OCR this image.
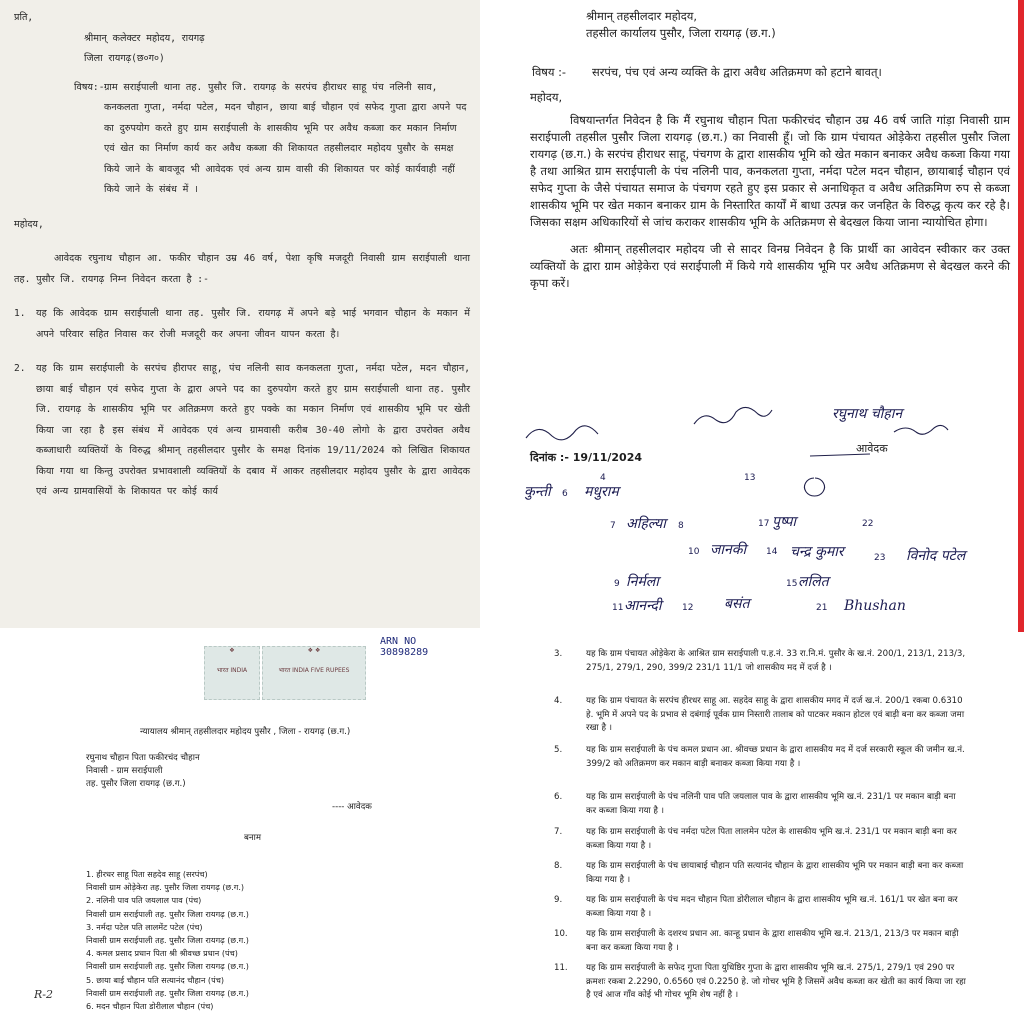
प्रति,
श्रीमान् कलेक्टर महोदय, रायगढ़
जिला रायगढ़(छ०ग०)
विषय:- ग्राम सराईपाली थाना तह. पुसौर जि. रायगढ़ के सरपंच हीराधर साहू पंच नलिनी साव, कनकलता गुप्ता, नर्मदा पटेल, मदन चौहान, छाया बाई चौहान एवं सफेद गुप्ता द्वारा अपने पद का दुरुपयोग करते हुए ग्राम सराईपाली के शासकीय भूमि पर अवैध कब्जा कर मकान निर्माण एवं खेत का निर्माण कार्य कर अवैध कब्जा की शिकायत तहसीलदार महोदय पुसौर के समक्ष किये जाने के बावजूद भी आवेदक एवं अन्य ग्राम वासी की शिकायत पर कोई कार्यवाही नहीं किये जाने के संबंध में ।
महोदय,
आवेदक रघुनाथ चौहान आ. फकीर चौहान उम्र 46 वर्ष, पेशा कृषि मजदूरी निवासी ग्राम सराईपाली थाना तह. पुसौर जि. रायगढ़ निम्न निवेदन करता है :-
1. यह कि आवेदक ग्राम सराईपाली थाना तह. पुसौर जि. रायगढ़ में अपने बड़े भाई भगवान चौहान के मकान में अपने परिवार सहित निवास कर रोजी मजदूरी कर अपना जीवन यापन करता है।
2. यह कि ग्राम सराईपाली के सरपंच हीरापर साहू, पंच नलिनी साव कनकलता गुप्ता, नर्मदा पटेल, मदन चौहान, छाया बाई चौहान एवं सफेद गुप्ता के द्वारा अपने पद का दुरुपयोग करते हुए ग्राम सराईपाली थाना तह. पुसौर जि. रायगढ़ के शासकीय भूमि पर अतिक्रमण करते हुए पक्के का मकान निर्माण एवं शासकीय भूमि पर खेती किया जा रहा है इस संबंध में आवेदक एवं अन्य ग्रामवासी करीब 30-40 लोगो के द्वारा उपरोक्त अवैध कब्जाधारी व्यक्तियों के विरुद्ध श्रीमान् तहसीलदार पुसौर के समक्ष दिनांक 19/11/2024 को लिखित शिकायत किया गया था किन्तु उपरोक्त प्रभावशाली व्यक्तियों के दबाव में आकर तहसीलदार महोदय पुसौर के द्वारा आवेदक एवं अन्य ग्रामवासियों के शिकायत पर कोई कार्य
श्रीमान् तहसीलदार महोदय,
तहसील कार्यालय पुसौर, जिला रायगढ़ (छ.ग.)
विषय :- सरपंच, पंच एवं अन्य व्यक्ति के द्वारा अवैध अतिक्रमण को हटाने बावत्।
महोदय,
विषयान्तर्गत निवेदन है कि मैं रघुनाथ चौहान पिता फकीरचंद चौहान उम्र 46 वर्ष जाति गांड़ा निवासी ग्राम सराईपाली तहसील पुसौर जिला रायगढ़ (छ.ग.) का निवासी हूँ। जो कि ग्राम पंचायत ओड़ेकेरा तहसील पुसौर जिला रायगढ़ (छ.ग.) के सरपंच हीराधर साहू, पंचगण के द्वारा शासकीय भूमि को खेत मकान बनाकर अवैध कब्जा किया गया है तथा आश्रित ग्राम सराईपाली के पंच नलिनी पाव, कनकलता गुप्ता, नर्मदा पटेल मदन चौहान, छायाबाई चौहान एवं सफेद गुप्ता के जैसे पंचायत समाज के पंचगण रहते हुए इस प्रकार से अनाधिकृत व अवैध अतिक्रमिण रुप से कब्जा शासकीय भूमि पर खेत मकान बनाकर ग्राम के निस्तारित कार्यों में बाधा उत्पन्न कर जनहित के विरुद्ध कृत्य कर रहे है। जिसका सक्षम अधिकारियों से जांच कराकर शासकीय भूमि के अतिक्रमण से बेदखल किया जाना न्यायोचित होगा।
अतः श्रीमान् तहसीलदार महोदय जी से सादर विनम्र निवेदन है कि प्रार्थी का आवेदन स्वीकार कर उक्त व्यक्तियों के द्वारा ग्राम ओड़ेकेरा एवं सराईपाली में किये गये शासकीय भूमि पर अवैध अतिक्रमण से बेदखल करने की कृपा करें।
रघुनाथ चौहान
मधुराम
कुन्ती
अहिल्या	पुष्पा
जानकी
निर्मला
बसंत
चन्द्र कुमार	विनोद पटेल
आनन्दी
ललित
Bhushan
4
6
7	8
9
10
11	12
13
14
15
17
21
22
23
दिनांक :- 19/11/2024
आवेदक
ARN NO
30898289
❖
भारत INDIA
❖ ❖
भारत INDIA FIVE RUPEES
न्यायालय श्रीमान् तहसीलदार महोदय पुसौर , जिला - रायगढ़ (छ.ग.)
रघुनाथ चौहान पिता फकीरचंद चौहान
निवासी - ग्राम सराईपाली
तह. पुसौर जिला रायगढ़ (छ.ग.)
---- आवेदक
बनाम
1. हीरधर साहू पिता सहदेव साहू (सरपंच)
निवासी ग्राम ओड़ेकेरा तह. पुसौर जिला रायगढ़ (छ.ग.)
2. नलिनी पाव पति जयलाल पाव (पंच)
निवासी ग्राम सराईपाली तह. पुसौर जिला रायगढ़ (छ.ग.)
3. नर्मदा पटेल पति लालमेंट पटेल (पंच)
निवासी ग्राम सराईपाली तह. पुसौर जिला रायगढ़ (छ.ग.)
4. कमल प्रसाद प्रधान पिता श्री श्रीवच्छ प्रधान (पंच)
निवासी ग्राम सराईपाली तह. पुसौर जिला रायगढ़ (छ.ग.)
5. छाया बाई चौहान पति सत्यानंद चौहान (पंच)
निवासी ग्राम सराईपाली तह. पुसौर जिला रायगढ़ (छ.ग.)
6. मदन चौहान पिता डोरीलाल चौहान (पंच)
R-2
3.	यह कि ग्राम पंचायत ओड़ेकेरा के आश्रित ग्राम सराईपाली प.ह.नं. 33 रा.नि.मं. पुसौर के ख.नं. 200/1, 213/1, 213/3, 275/1, 279/1, 290, 399/2 231/1 11/1 जो शासकीय मद में दर्ज है ।
4.	यह कि ग्राम पंचायत के सरपंच हीरधर साहू आ. सहदेव साहू के द्वारा शासकीय मगद में दर्ज ख.नं. 200/1 रकबा 0.6310 हे. भूमि में अपने पद के प्रभाव से दबंगाई पूर्वक ग्राम निस्तारी तालाब को पाटकर मकान होटल एवं बाड़ी बना कर कब्जा जमा रखा है ।
5.	यह कि ग्राम सराईपाली के पंच कमल प्रधान आ. श्रीवच्छ प्रधान के द्वारा शासकीय मद में दर्ज सरकारी स्कूल की जमीन ख.नं. 399/2 को अतिक्रमण कर मकान बाड़ी बनाकर कब्जा किया गया है ।
6.	यह कि ग्राम सराईपाली के पंच नलिनी पाव पति जयलाल पाव के द्वारा शासकीय भूमि ख.नं. 231/1 पर मकान बाड़ी बना कर कब्जा किया गया है ।
7.	यह कि ग्राम सराईपाली के पंच नर्मदा पटेल पिता लालमेन पटेल के शासकीय भूमि ख.नं. 231/1 पर मकान बाड़ी बना कर कब्जा किया गया है ।
8.	यह कि ग्राम सराईपाली के पंच छायाबाई चौहान पति सत्यानंद चौहान के द्वारा शासकीय भूमि पर मकान बाड़ी बना कर कब्जा किया गया है ।
9.	यह कि ग्राम सराईपाली के पंच मदन चौहान पिता डोरीलाल चौहान के द्वारा शासकीय भूमि ख.नं. 161/1 पर खेत बना कर कब्जा किया गया है ।
10. यह कि ग्राम सराईपाली के दशरथ प्रधान आ. कान्हू प्रधान के द्वारा शासकीय भूमि ख.नं. 213/1, 213/3 पर मकान बाड़ी बना कर कब्जा किया गया है ।
11. यह कि ग्राम सराईपाली के सफेद गुप्ता पिता युधिष्ठिर गुप्ता के द्वारा शासकीय भूमि ख.नं. 275/1, 279/1 एवं 290 पर क्रमशः रकबा 2.2290, 0.6560 एवं 0.2250 हे. जो गोचर भूमि है जिसमें अवैध कब्जा कर खेती का कार्य किया जा रहा है एवं आज गाँव कोई भी गोचर भूमि शेष नहीं है ।
